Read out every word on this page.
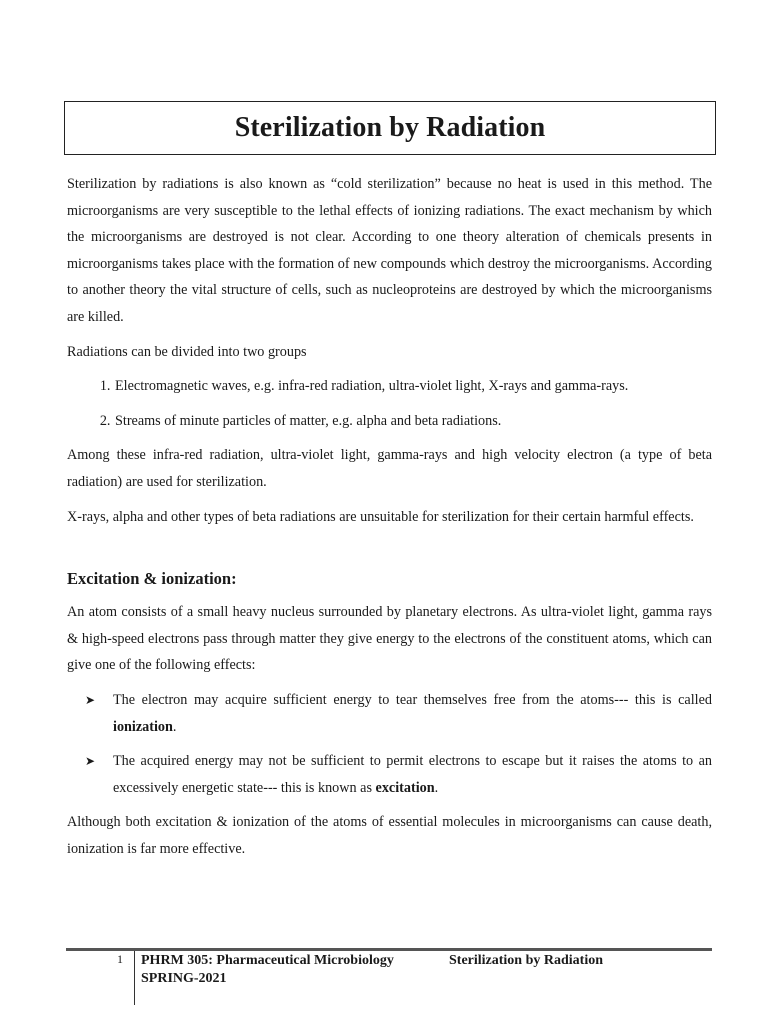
Sterilization by Radiation

Sterilization by radiations is also known as “cold sterilization” because no heat is used in this method. The microorganisms are very susceptible to the lethal effects of ionizing radiations. The exact mechanism by which the microorganisms are destroyed is not clear. According to one theory alteration of chemicals presents in microorganisms takes place with the formation of new compounds which destroy the microorganisms. According to another theory the vital structure of cells, such as nucleoproteins are destroyed by which the microorganisms are killed.

Radiations can be divided into two groups

1. Electromagnetic waves, e.g. infra-red radiation, ultra-violet light, X-rays and gamma-rays.
2. Streams of minute particles of matter, e.g. alpha and beta radiations.

Among these infra-red radiation, ultra-violet light, gamma-rays and high velocity electron (a type of beta radiation) are used for sterilization.

X-rays, alpha and other types of beta radiations are unsuitable for sterilization for their certain harmful effects.

Excitation & ionization:

An atom consists of a small heavy nucleus surrounded by planetary electrons. As ultra-violet light, gamma rays & high-speed electrons pass through matter they give energy to the electrons of the constituent atoms, which can give one of the following effects:

➤ The electron may acquire sufficient energy to tear themselves free from the atoms--- this is called ionization.
➤ The acquired energy may not be sufficient to permit electrons to escape but it raises the atoms to an excessively energetic state--- this is known as excitation.

Although both excitation & ionization of the atoms of essential molecules in microorganisms can cause death, ionization is far more effective.

1 PHRM 305: Pharmaceutical Microbiology	Sterilization by Radiation
SPRING-2021
